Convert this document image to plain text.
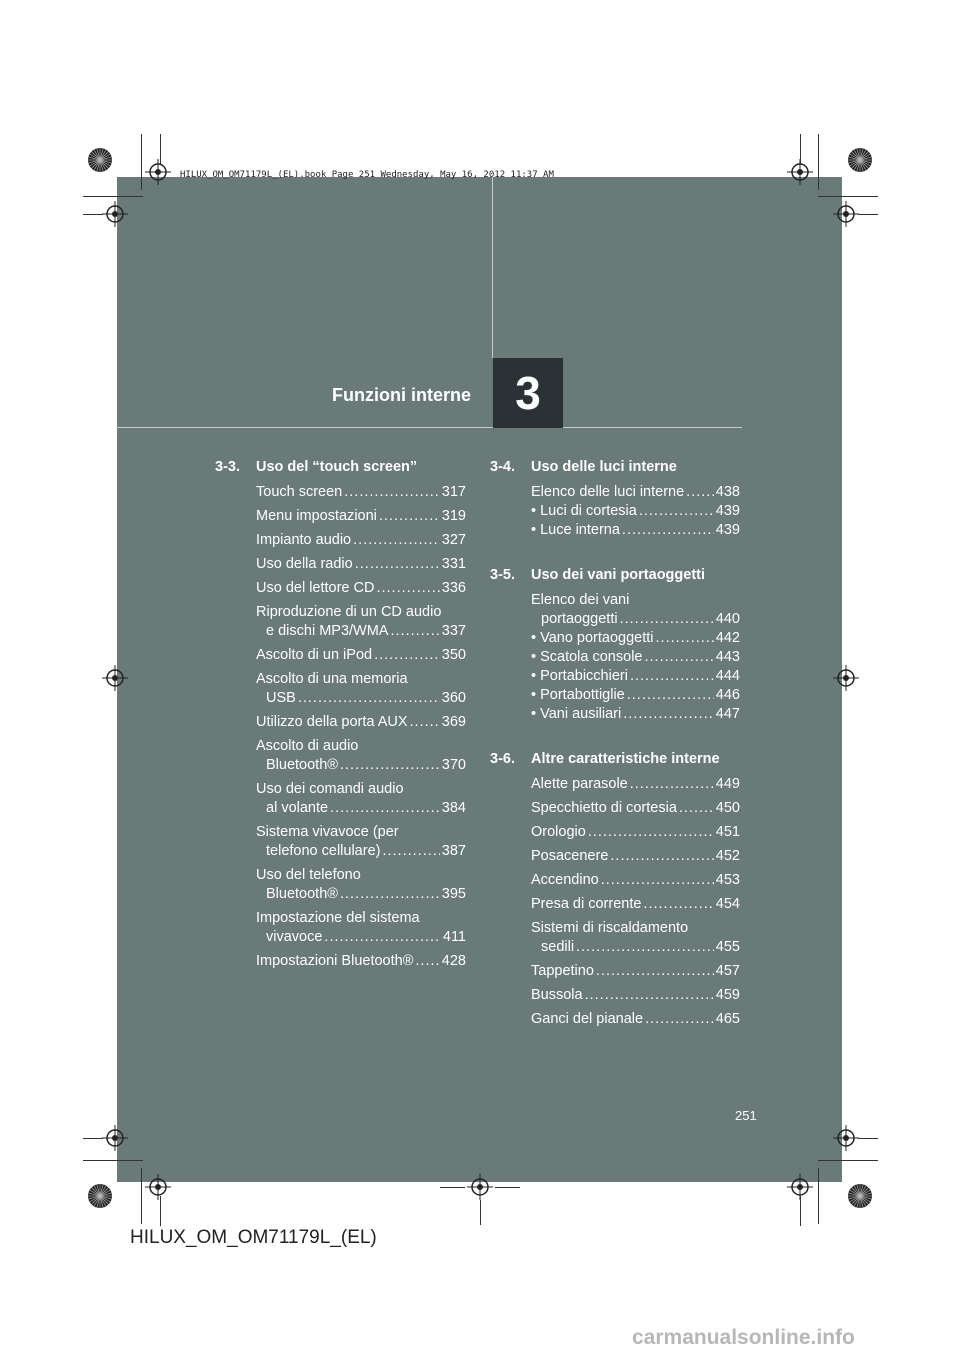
HILUX_OM_OM71179L_(EL).book Page 251 Wednesday, May 16, 2012 11:37 AM
Funzioni interne 3
3-3.	Uso del “touch screen”
Touch screen .....	317
Menu impostazioni .....	319
Impianto audio .....	327
Uso della radio .....	331
Uso del lettore CD .....	336
Riproduzione di un CD audio
e dischi MP3/WMA .....	337
Ascolto di un iPod .....	350
Ascolto di una memoria
USB .....	360
Utilizzo della porta AUX ..... 369
Ascolto di audio
Bluetooth® .....	370
Uso dei comandi audio
al volante .....	384
Sistema vivavoce (per
telefono cellulare) .....	387
Uso del telefono
Bluetooth® .....	395
Impostazione del sistema
vivavoce .....	411
Impostazioni Bluetooth® ..... 428
3-4.	Uso delle luci interne
Elenco delle luci interne ..... 438
• Luci di cortesia .....	439
• Luce interna .....	439
3-5.	Uso dei vani portaoggetti
Elenco dei vani
portaoggetti .....	440
• Vano portaoggetti .....	442
• Scatola console .....	443
• Portabicchieri .....	444
• Portabottiglie .....	446
• Vani ausiliari .....	447
3-6.	Altre caratteristiche interne
Alette parasole .....	449
Specchietto di cortesia .....	450
Orologio .....	451
Posacenere .....	452
Accendino .....	453
Presa di corrente .....	454
Sistemi di riscaldamento
sedili .....	455
Tappetino .....	457
Bussola .....	459
Ganci del pianale .....	465
251
HILUX_OM_OM71179L_(EL)
carmanualsonline.info
